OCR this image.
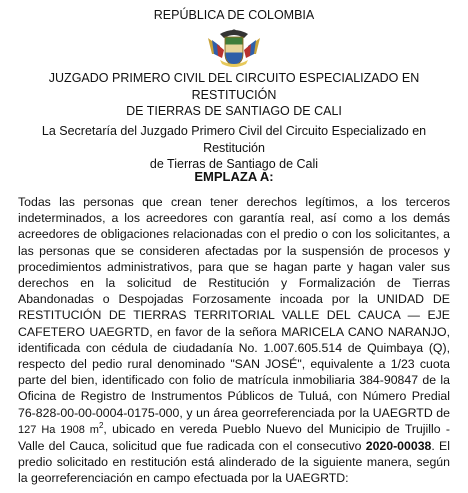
REPÚBLICA DE COLOMBIA
JUZGADO PRIMERO CIVIL DEL CIRCUITO ESPECIALIZADO EN RESTITUCIÓN
DE TIERRAS DE SANTIAGO DE CALI
La Secretaría del Juzgado Primero Civil del Circuito Especializado en Restitución
de Tierras de Santiago de Cali
EMPLAZA A:
Todas las personas que crean tener derechos legítimos, a los terceros indeterminados, a los acreedores con garantía real, así como a los demás acreedores de obligaciones relacionadas con el predio o con los solicitantes, a las personas que se consideren afectadas por la suspensión de procesos y procedimientos administrativos, para que se hagan parte y hagan valer sus derechos en la solicitud de Restitución y Formalización de Tierras Abandonadas o Despojadas Forzosamente incoada por la UNIDAD DE RESTITUCIÓN DE TIERRAS TERRITORIAL VALLE DEL CAUCA — EJE CAFETERO UAEGRTD, en favor de la señora MARICELA CANO NARANJO, identificada con cédula de ciudadanía No. 1.007.605.514 de Quimbaya (Q), respecto del pedio rural denominado "SAN JOSÉ", equivalente a 1/23 cuota parte del bien, identificado con folio de matrícula inmobiliaria 384-90847 de la Oficina de Registro de Instrumentos Públicos de Tuluá, con Número Predial 76-828-00-00-0004-0175-000, y un área georreferenciada por la UAEGRTD de 127 Ha 1908 $m^2$, ubicado en vereda Pueblo Nuevo del Municipio de Trujillo - Valle del Cauca, solicitud que fue radicada con el consecutivo 2020-00038. El predio solicitado en restitución está alinderado de la siguiente manera, según la georreferenciación en campo efectuada por la UAEGRTD:
